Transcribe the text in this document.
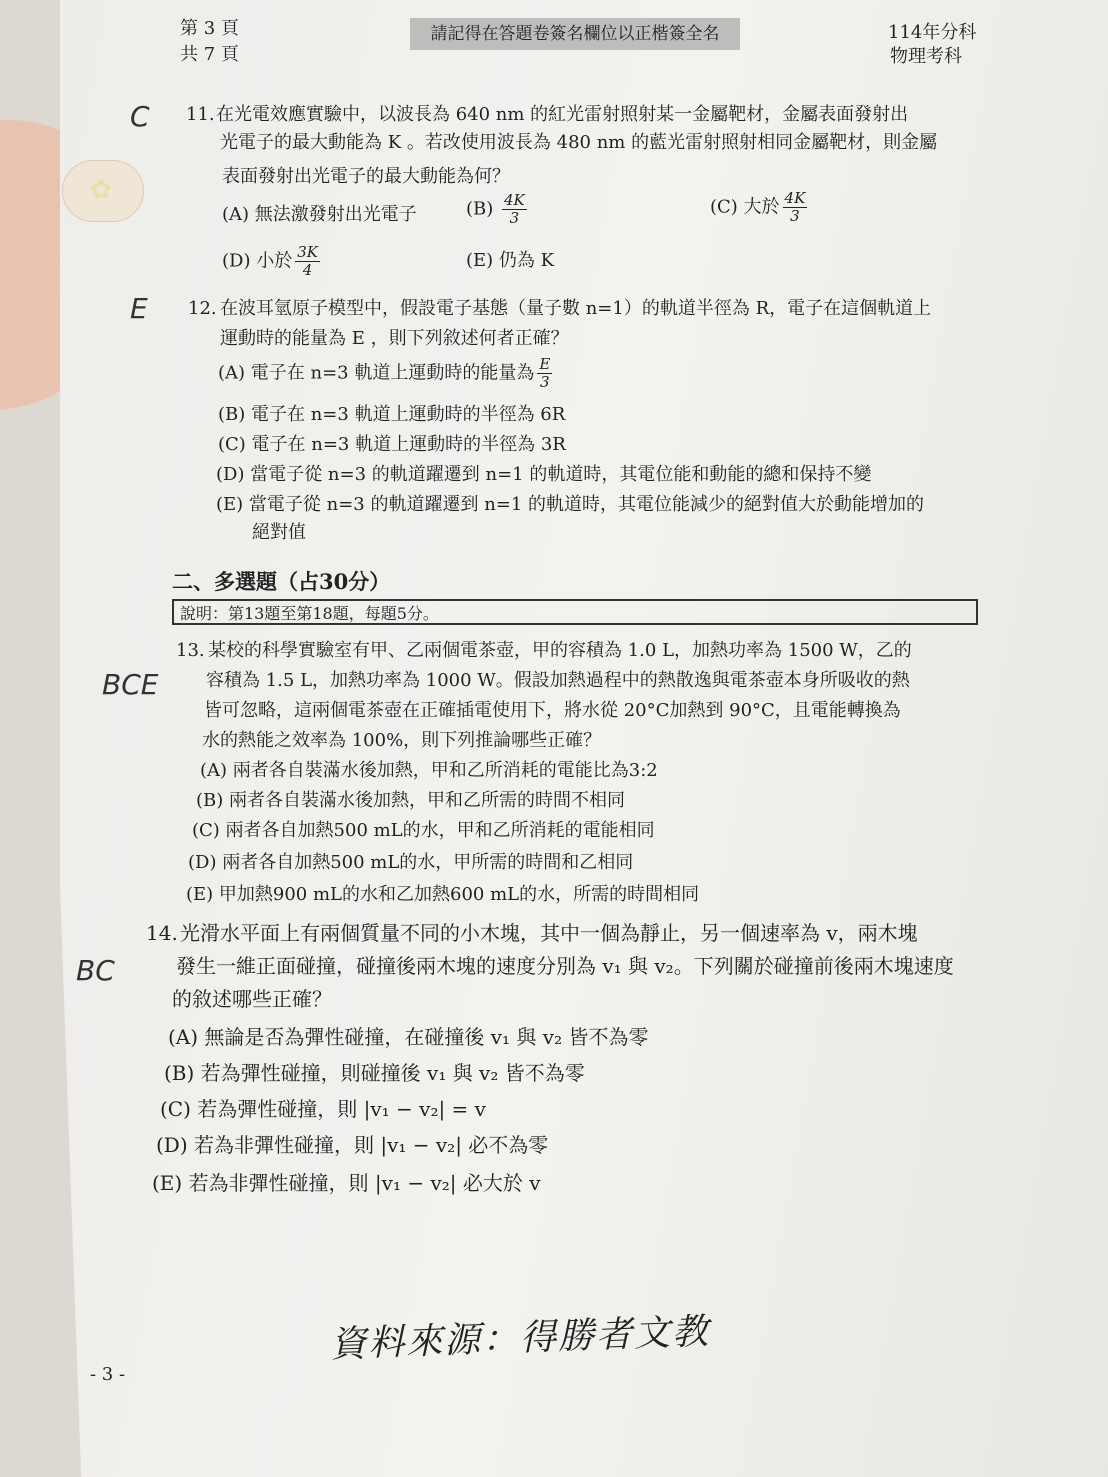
✿
第 3 頁
共 7 頁
請記得在答題卷簽名欄位以正楷簽全名	114年分科
物理考科
C 11. 在光電效應實驗中，以波長為 640 nm 的紅光雷射照射某一金屬靶材，金屬表面發射出
光電子的最大動能為 K 。若改使用波長為 480 nm 的藍光雷射照射相同金屬靶材，則金屬
表面發射出光電子的最大動能為何？
(A) 無法激發射出光電子	$(B) \frac{4K}{3}$	(C) 大於 $\frac{4K}{3}$
(D) 小於 $\frac{3K}{4}$	(E) 仍為 K
E 12. 在波耳氫原子模型中，假設電子基態（量子數 n=1）的軌道半徑為 R，電子在這個軌道上
運動時的能量為 E ，則下列敘述何者正確？
(A) 電子在 n=3 軌道上運動時的能量為 $\frac{E}{3}$
(B) 電子在 n=3 軌道上運動時的半徑為 6R
(C) 電子在 n=3 軌道上運動時的半徑為 3R
(D) 當電子從 n=3 的軌道躍遷到 n=1 的軌道時，其電位能和動能的總和保持不變
(E) 當電子從 n=3 的軌道躍遷到 n=1 的軌道時，其電位能減少的絕對值大於動能增加的
絕對值
二、多選題（占30分）
說明：第13題至第18題，每題5分。
BCE
13. 某校的科學實驗室有甲、乙兩個電茶壺，甲的容積為 1.0 L，加熱功率為 1500 W，乙的
容積為 1.5 L，加熱功率為 1000 W。假設加熱過程中的熱散逸與電茶壺本身所吸收的熱
皆可忽略，這兩個電茶壺在正確插電使用下，將水從 20°C加熱到 90°C，且電能轉換為
水的熱能之效率為 100%，則下列推論哪些正確？
(A) 兩者各自裝滿水後加熱，甲和乙所消耗的電能比為3:2
(B) 兩者各自裝滿水後加熱，甲和乙所需的時間不相同
(C) 兩者各自加熱500 mL的水，甲和乙所消耗的電能相同
(D) 兩者各自加熱500 mL的水，甲所需的時間和乙相同
(E) 甲加熱900 mL的水和乙加熱600 mL的水，所需的時間相同
BC
14. 光滑水平面上有兩個質量不同的小木塊，其中一個為靜止，另一個速率為 v，兩木塊
發生一維正面碰撞，碰撞後兩木塊的速度分別為 v₁ 與 v₂。下列關於碰撞前後兩木塊速度
的敘述哪些正確？
(A) 無論是否為彈性碰撞，在碰撞後 v₁ 與 v₂ 皆不為零
(B) 若為彈性碰撞，則碰撞後 v₁ 與 v₂ 皆不為零
(C) 若為彈性碰撞，則 |v₁ − v₂| = v
(D) 若為非彈性碰撞，則 |v₁ − v₂| 必不為零
(E) 若為非彈性碰撞，則 |v₁ − v₂| 必大於 v
資料來源：得勝者文教
- 3 -
